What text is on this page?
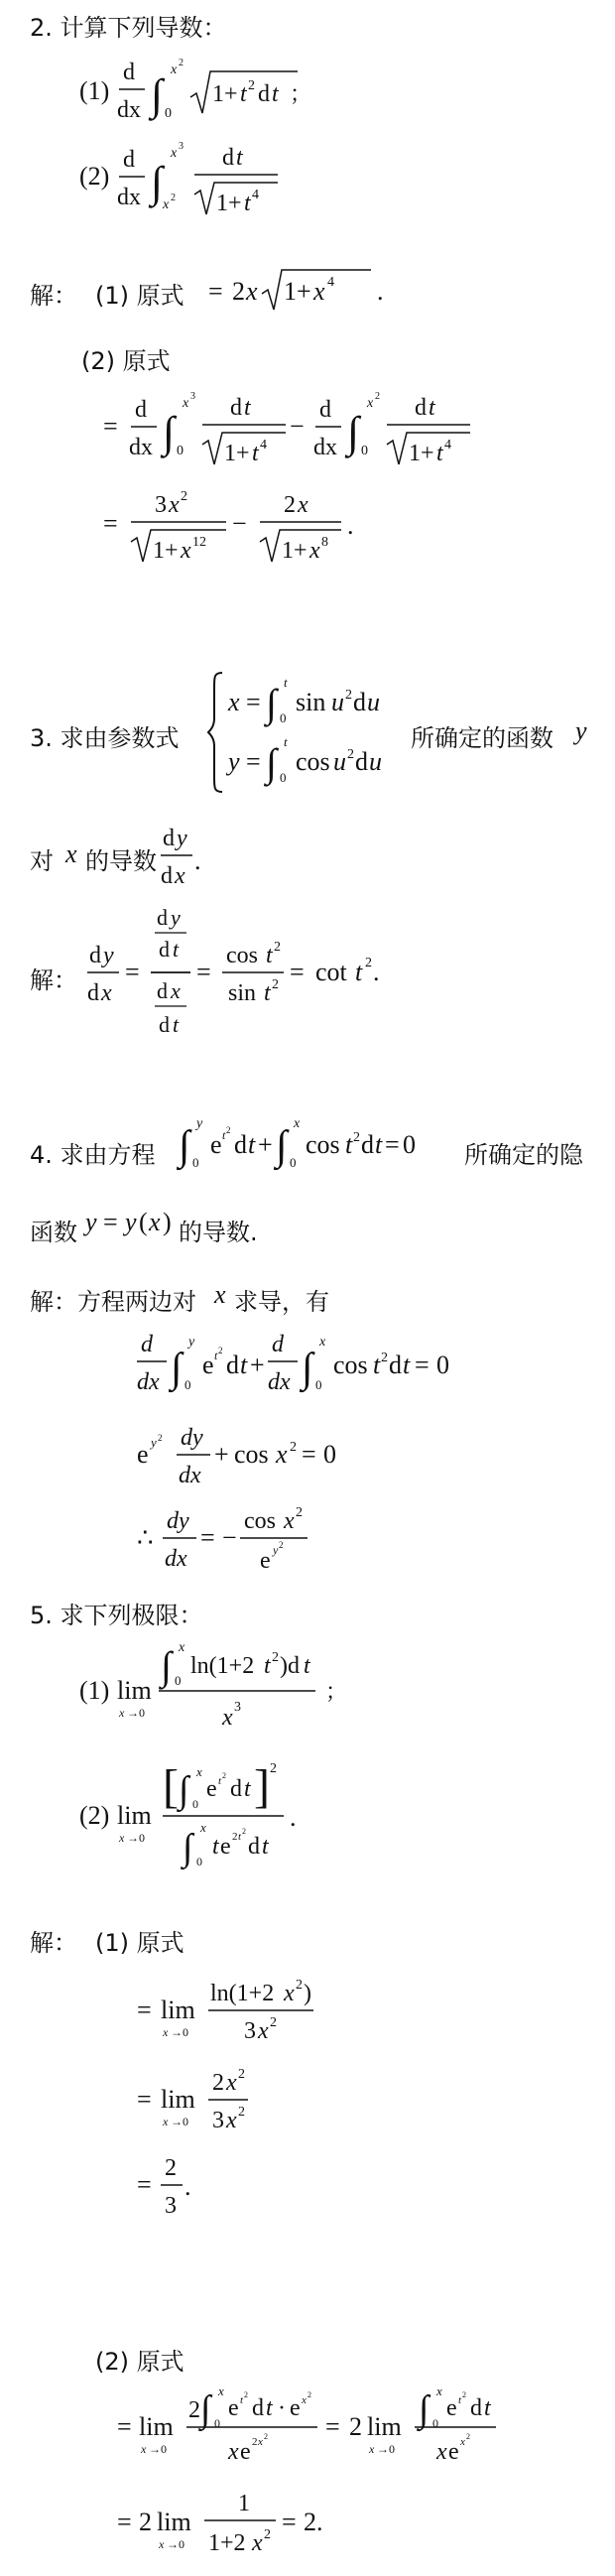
2. 计算下列导数：
(1)
d
dx ∫ 0
x 2
1+ t 2 d t ；
(2)
d
dx ∫ x 2
x 3 d t
1+ t 4
解： (1) 原式 = 2 x 1+ x 4 .
(2) 原式
=
d
dx ∫ 0
x 3 d t
1+ t 4
−
d
dx ∫ 0
x 2 d t
1+ t 4
=
3 x 2
1+ x 12
−
2 x
1+ x 8
.
3. 求由参数式
x = ∫ 0
t
sin u 2 d u
y = ∫ 0
t
cos u 2 d u
所确定的函数 y
对 x 的导数
d y
d x
.
解：
d y
d x
=
d y
d t
d x
d t
=
cos t 2
sin t 2 = cot t 2 .
4. 求由方程 ∫ 0
y
e t 2 d t + ∫ 0
x
cos t 2 d t = 0 所确定的隐
函数 y = y ( x ) 的导数.
解：方程两边对 x 求导，有
d
dx ∫ 0
y
e t 2 d t +
d
dx ∫ 0
x
cos t 2 d t = 0
e y 2 dy
dx
+ cos x 2 = 0
∴
dy
dx
= −
cos x 2
e y 2
5. 求下列极限：
(1) lim
x →0
∫ 0
x
ln(1+2 t 2 )d t
x 3
；
(2) lim
x →0
[ ∫ 0
x
e t 2
d t ] 2
∫ 0
x
t e 2 t 2
d t
.
解： (1) 原式
= lim
x →0
ln(1+2 x 2 )
3 x 2
= lim
x →0
2 x 2
3 x 2
=
2
3
.
(2) 原式
= lim
x →0
2 ∫ 0
x
e t 2
d t · e x 2
x e 2 x 2 = 2 lim
x →0
∫ 0
x
e t 2
d t
x e x 2
= 2 lim
x →0
1
1+2 x 2 = 2.
